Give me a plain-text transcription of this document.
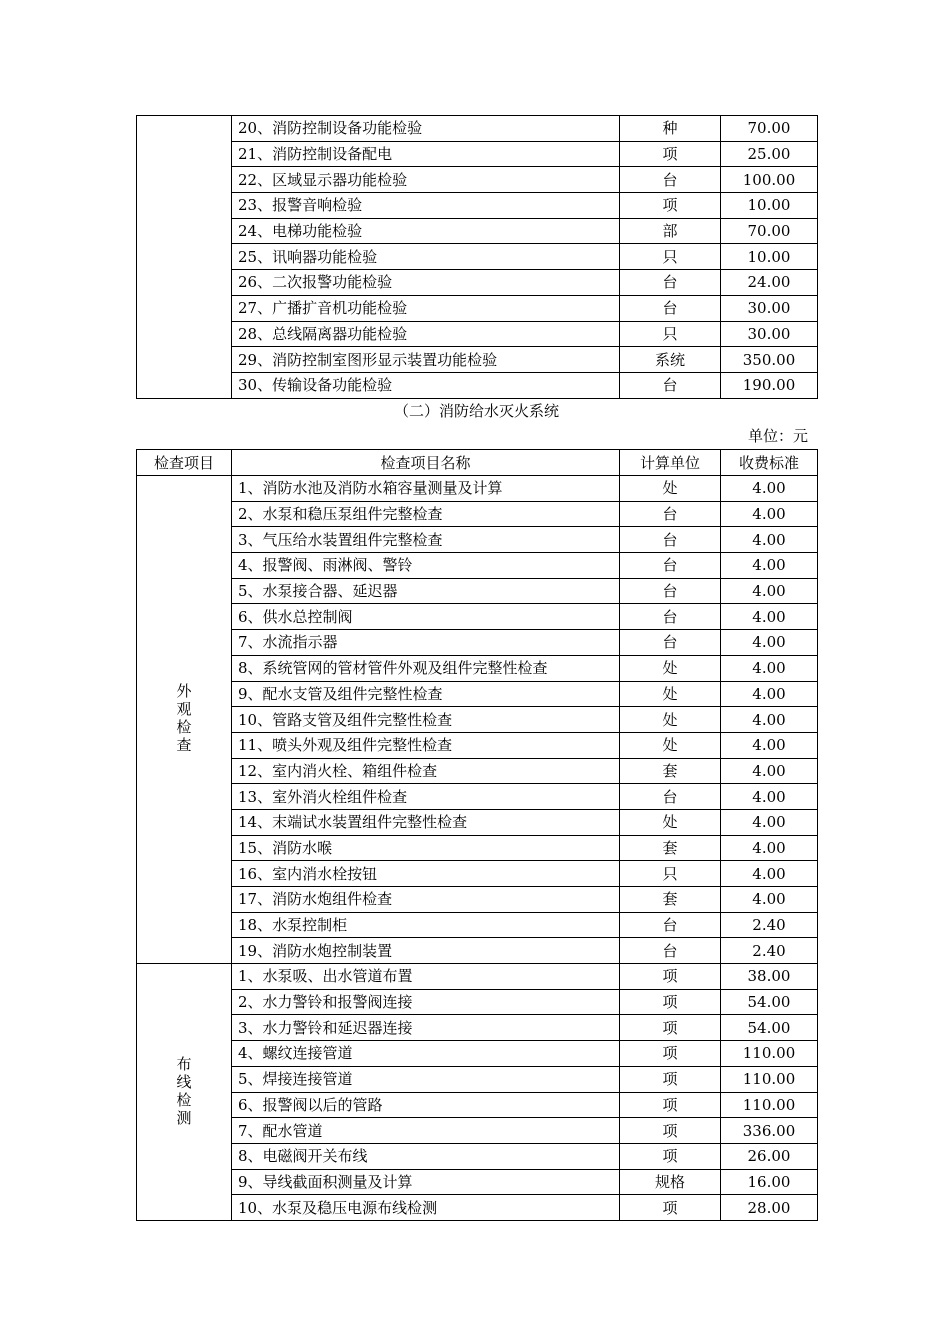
	20、消防控制设备功能检验	种	70.00
	21、消防控制设备配电	项	25.00
	22、区域显示器功能检验	台	100.00
	23、报警音响检验	项	10.00
	24、电梯功能检验	部	70.00
	25、讯响器功能检验	只	10.00
	26、二次报警功能检验	台	24.00
	27、广播扩音机功能检验	台	30.00
	28、总线隔离器功能检验	只	30.00
	29、消防控制室图形显示装置功能检验	系统	350.00
	30、传输设备功能检验	台	190.00
（二）消防给水灭火系统
单位：元
检查项目	检查项目名称	计算单位	收费标准
外观检查	1、消防水池及消防水箱容量测量及计算	处	4.00
	2、水泵和稳压泵组件完整检查	台	4.00
	3、气压给水装置组件完整检查	台	4.00
	4、报警阀、雨淋阀、警铃	台	4.00
	5、水泵接合器、延迟器	台	4.00
	6、供水总控制阀	台	4.00
	7、水流指示器	台	4.00
	8、系统管网的管材管件外观及组件完整性检查	处	4.00
	9、配水支管及组件完整性检查	处	4.00
	10、管路支管及组件完整性检查	处	4.00
	11、喷头外观及组件完整性检查	处	4.00
	12、室内消火栓、箱组件检查	套	4.00
	13、室外消火栓组件检查	台	4.00
	14、末端试水装置组件完整性检查	处	4.00
	15、消防水喉	套	4.00
	16、室内消水栓按钮	只	4.00
	17、消防水炮组件检查	套	4.00
	18、水泵控制柜	台	2.40
	19、消防水炮控制装置	台	2.40
布线检测	1、水泵吸、出水管道布置	项	38.00
	2、水力警铃和报警阀连接	项	54.00
	3、水力警铃和延迟器连接	项	54.00
	4、螺纹连接管道	项	110.00
	5、焊接连接管道	项	110.00
	6、报警阀以后的管路	项	110.00
	7、配水管道	项	336.00
	8、电磁阀开关布线	项	26.00
	9、导线截面积测量及计算	规格	16.00
	10、水泵及稳压电源布线检测	项	28.00
